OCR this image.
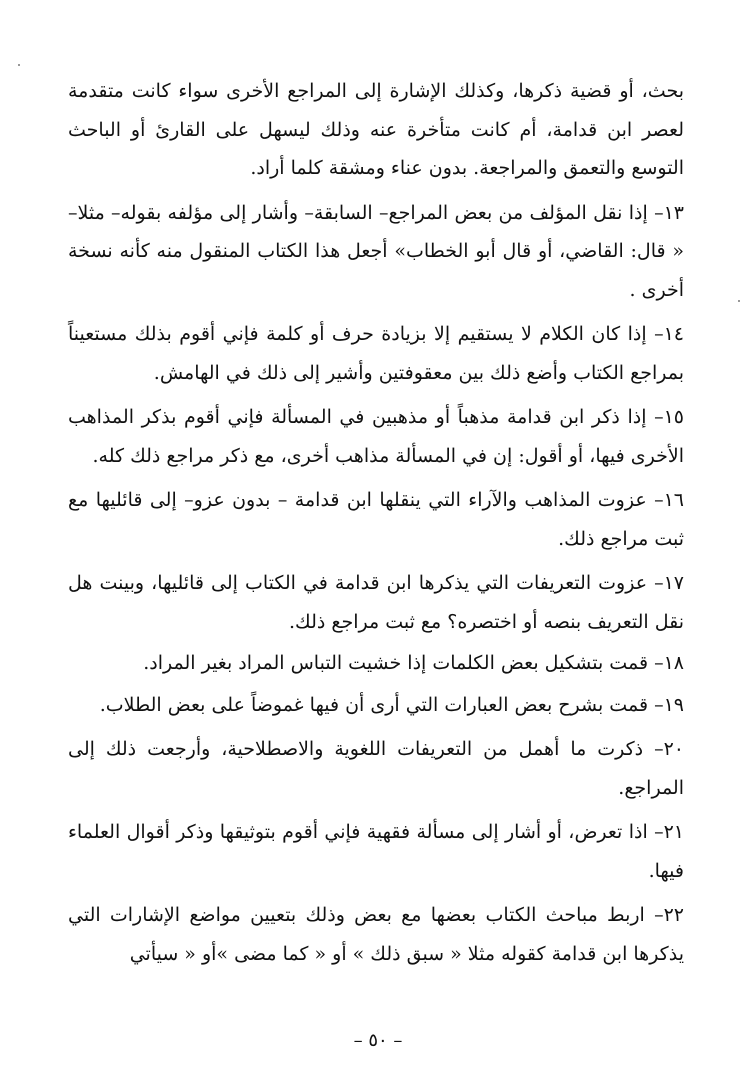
بحث، أو قضية ذكرها، وكذلك الإشارة إلى المراجع الأخرى سواء كانت متقدمة لعصر ابن قدامة، أم كانت متأخرة عنه وذلك ليسهل على القارئ أو الباحث التوسع والتعمق والمراجعة. بدون عناء ومشقة كلما أراد.

١٣– إذا نقل المؤلف من بعض المراجع– السابقة– وأشار إلى مؤلفه بقوله– مثلا– « قال: القاضي، أو قال أبو الخطاب» أجعل هذا الكتاب المنقول منه كأنه نسخة أخرى .

١٤– إذا كان الكلام لا يستقيم إلا بزيادة حرف أو كلمة فإني أقوم بذلك مستعيناً بمراجع الكتاب وأضع ذلك بين معقوفتين وأشير إلى ذلك في الهامش.

١٥– إذا ذكر ابن قدامة مذهباً أو مذهبين في المسألة فإني أقوم بذكر المذاهب الأخرى فيها، أو أقول: إن في المسألة مذاهب أخرى، مع ذكر مراجع ذلك كله.

١٦– عزوت المذاهب والآراء التي ينقلها ابن قدامة – بدون عزو– إلى قائليها مع ثبت مراجع ذلك.

١٧– عزوت التعريفات التي يذكرها ابن قدامة في الكتاب إلى قائليها، وبينت هل نقل التعريف بنصه أو اختصره؟ مع ثبت مراجع ذلك.

١٨– قمت بتشكيل بعض الكلمات إذا خشيت التباس المراد بغير المراد.

١٩– قمت بشرح بعض العبارات التي أرى أن فيها غموضاً على بعض الطلاب.

٢٠– ذكرت ما أهمل من التعريفات اللغوية والاصطلاحية، وأرجعت ذلك إلى المراجع.

٢١– اذا تعرض، أو أشار إلى مسألة فقهية فإني أقوم بتوثيقها وذكر أقوال العلماء فيها.

٢٢– اربط مباحث الكتاب بعضها مع بعض وذلك بتعيين مواضع الإشارات التي يذكرها ابن قدامة كقوله مثلا « سبق ذلك » أو « كما مضى »أو « سيأتي

– ٥٠ –
